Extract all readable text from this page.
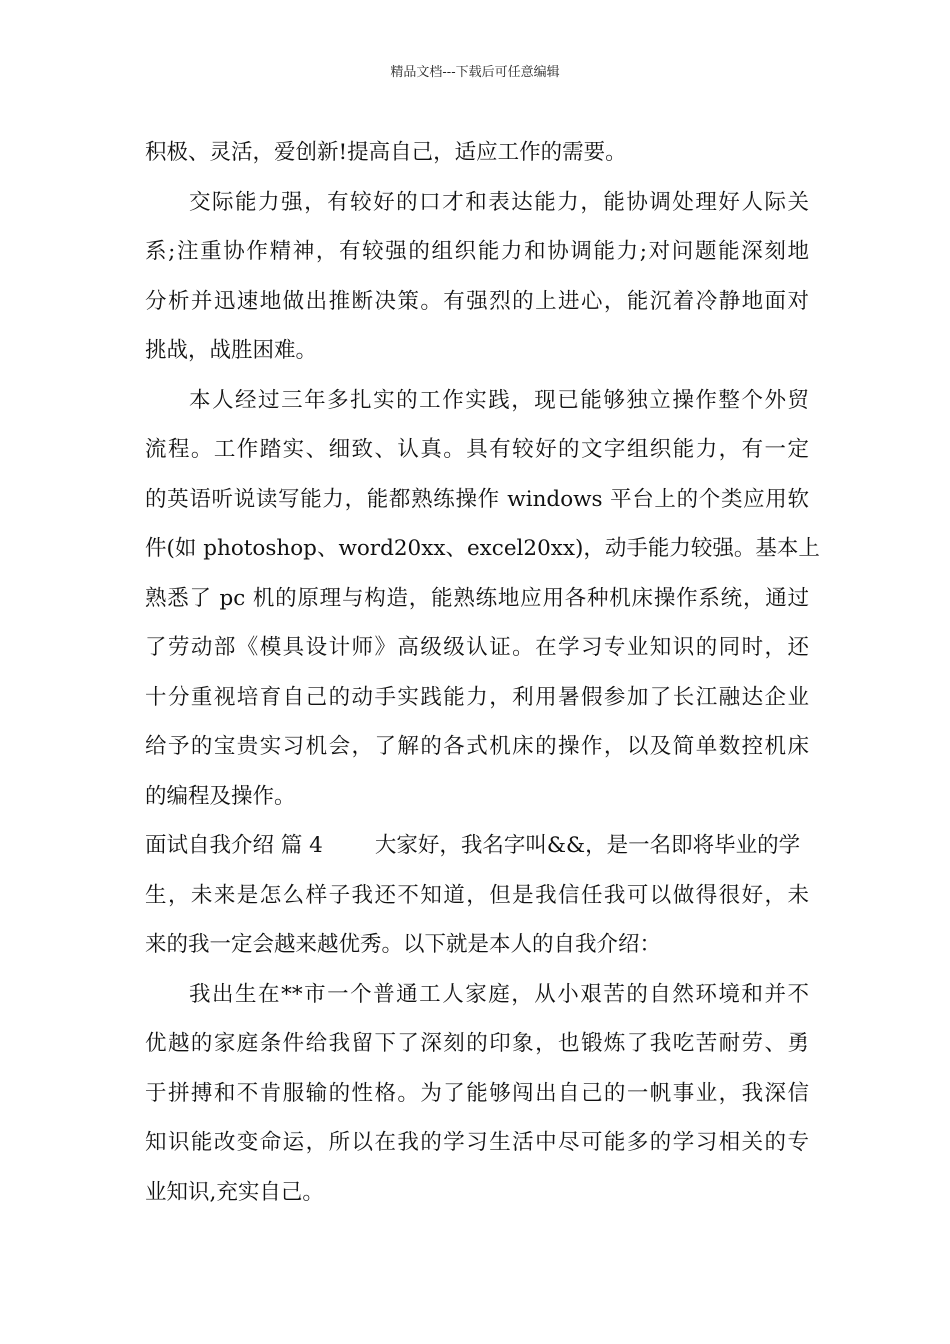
精品文档---下载后可任意编辑
积极、灵活，爱创新!提高自己，适应工作的需要。
交际能力强，有较好的口才和表达能力，能协调处理好人际关
系;注重协作精神，有较强的组织能力和协调能力;对问题能深刻地
分析并迅速地做出推断决策。有强烈的上进心，能沉着冷静地面对
挑战，战胜困难。
本人经过三年多扎实的工作实践，现已能够独立操作整个外贸
流程。工作踏实、细致、认真。具有较好的文字组织能力，有一定
的英语听说读写能力，能都熟练操作 windows 平台上的个类应用软
件(如 photoshop、word20xx、excel20xx)，动手能力较强。基本上
熟悉了 pc 机的原理与构造，能熟练地应用各种机床操作系统，通过
了劳动部《模具设计师》高级级认证。在学习专业知识的同时，还
十分重视培育自己的动手实践能力，利用暑假参加了长江融达企业
给予的宝贵实习机会，了解的各式机床的操作，以及简单数控机床
的编程及操作。
面试自我介绍 篇 4 大家好，我名字叫&&，是一名即将毕业的学
生，未来是怎么样子我还不知道，但是我信任我可以做得很好，未
来的我一定会越来越优秀。以下就是本人的自我介绍：
我出生在**市一个普通工人家庭，从小艰苦的自然环境和并不
优越的家庭条件给我留下了深刻的印象，也锻炼了我吃苦耐劳、勇
于拼搏和不肯服输的性格。为了能够闯出自己的一帆事业，我深信
知识能改变命运，所以在我的学习生活中尽可能多的学习相关的专
业知识,充实自己。
